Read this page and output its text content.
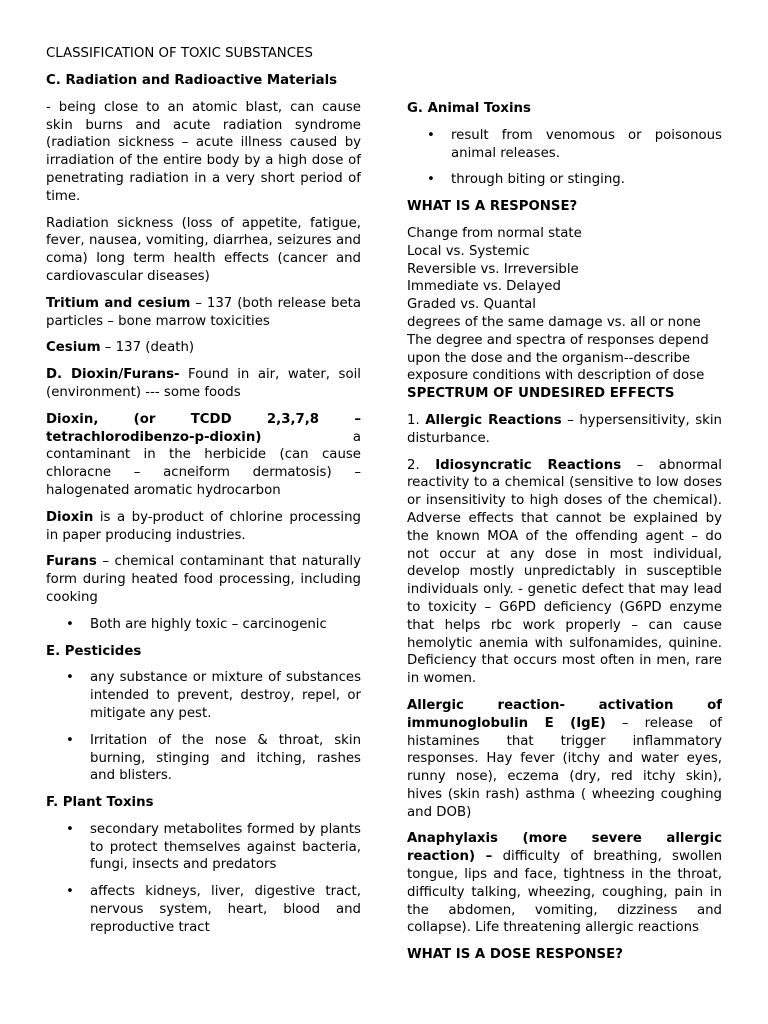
CLASSIFICATION OF TOXIC SUBSTANCES
C. Radiation and Radioactive Materials

- being close to an atomic blast, can cause skin burns and acute radiation syndrome (radiation sickness – acute illness caused by irradiation of the entire body by a high dose of penetrating radiation in a very short period of time.

Radiation sickness (loss of appetite, fatigue, fever, nausea, vomiting, diarrhea, seizures and coma) long term health effects (cancer and cardiovascular diseases)

Tritium and cesium – 137 (both release beta particles – bone marrow toxicities

Cesium – 137 (death)

D. Dioxin/Furans- Found in air, water, soil (environment) --- some foods

Dioxin, (or TCDD 2,3,7,8 – tetrachlorodibenzo-p-dioxin) a contaminant in the herbicide (can cause chloracne – acneiform dermatosis) – halogenated aromatic hydrocarbon

Dioxin is a by-product of chlorine processing in paper producing industries.

Furans – chemical contaminant that naturally form during heated food processing, including cooking

• Both are highly toxic – carcinogenic
E. Pesticides
• any substance or mixture of substances intended to prevent, destroy, repel, or mitigate any pest.
• Irritation of the nose & throat, skin burning, stinging and itching, rashes and blisters.
F. Plant Toxins
• secondary metabolites formed by plants to protect themselves against bacteria, fungi, insects and predators
• affects kidneys, liver, digestive tract, nervous system, heart, blood and reproductive tract
G. Animal Toxins
• result from venomous or poisonous animal releases.
• through biting or stinging.
WHAT IS A RESPONSE?
Change from normal state
Local vs. Systemic
Reversible vs. Irreversible
Immediate vs. Delayed
Graded vs. Quantal
degrees of the same damage vs. all or none
The degree and spectra of responses depend
upon the dose and the organism--describe
exposure conditions with description of dose
SPECTRUM OF UNDESIRED EFFECTS

1. Allergic Reactions – hypersensitivity, skin disturbance.

2. Idiosyncratic Reactions – abnormal reactivity to a chemical (sensitive to low doses or insensitivity to high doses of the chemical). Adverse effects that cannot be explained by the known MOA of the offending agent – do not occur at any dose in most individual, develop mostly unpredictably in susceptible individuals only. - genetic defect that may lead to toxicity – G6PD deficiency (G6PD enzyme that helps rbc work properly – can cause hemolytic anemia with sulfonamides, quinine. Deficiency that occurs most often in men, rare in women.

Allergic reaction- activation of immunoglobulin E (IgE) – release of histamines that trigger inflammatory responses. Hay fever (itchy and water eyes, runny nose), eczema (dry, red itchy skin), hives (skin rash) asthma ( wheezing coughing and DOB)

Anaphylaxis (more severe allergic reaction) – difficulty of breathing, swollen tongue, lips and face, tightness in the throat, difficulty talking, wheezing, coughing, pain in the abdomen, vomiting, dizziness and collapse). Life threatening allergic reactions

WHAT IS A DOSE RESPONSE?
